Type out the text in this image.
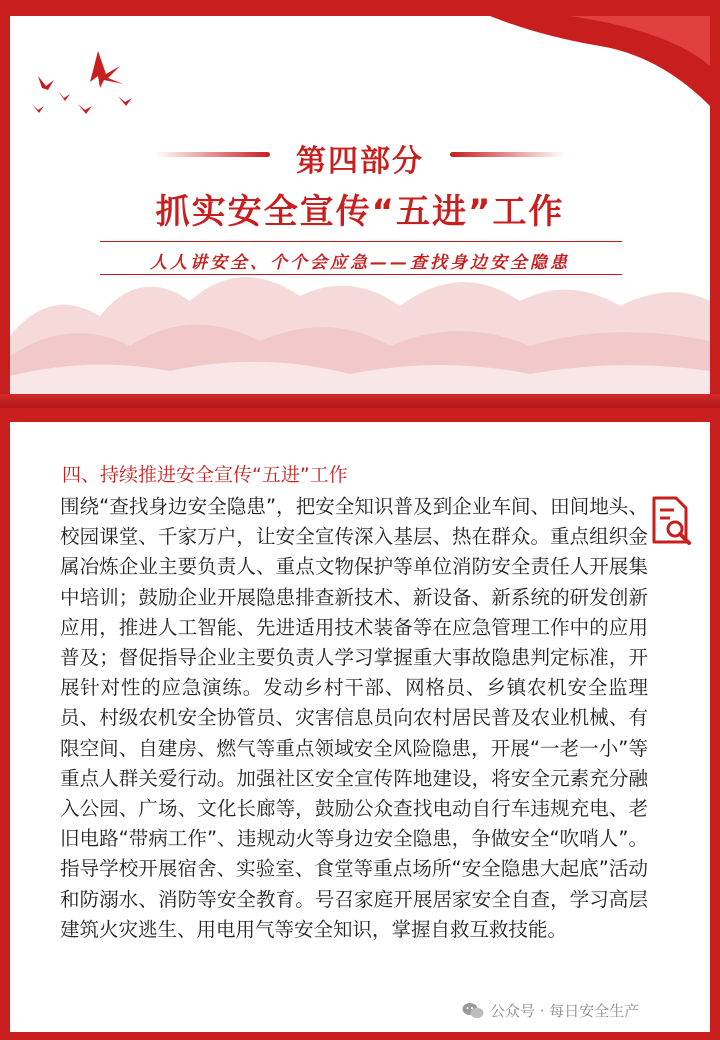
第四部分
抓实安全宣传“五进”工作
人人讲安全、个个会应急——查找身边安全隐患
四、持续推进安全宣传“五进”工作
围绕“查找身边安全隐患”，把安全知识普及到企业车间、田间地头、校园课堂、千家万户，让安全宣传深入基层、热在群众。重点组织金属冶炼企业主要负责人、重点文物保护等单位消防安全责任人开展集中培训；鼓励企业开展隐患排查新技术、新设备、新系统的研发创新应用，推进人工智能、先进适用技术装备等在应急管理工作中的应用普及；督促指导企业主要负责人学习掌握重大事故隐患判定标准，开展针对性的应急演练。发动乡村干部、网格员、乡镇农机安全监理员、村级农机安全协管员、灾害信息员向农村居民普及农业机械、有限空间、自建房、燃气等重点领域安全风险隐患，开展“一老一小”等重点人群关爱行动。加强社区安全宣传阵地建设，将安全元素充分融入公园、广场、文化长廊等，鼓励公众查找电动自行车违规充电、老旧电路“带病工作”、违规动火等身边安全隐患，争做安全“吹哨人”。指导学校开展宿舍、实验室、食堂等重点场所“安全隐患大起底”活动和防溺水、消防等安全教育。号召家庭开展居家安全自查，学习高层建筑火灾逃生、用电用气等安全知识，掌握自救互救技能。
公众号 · 每日安全生产
